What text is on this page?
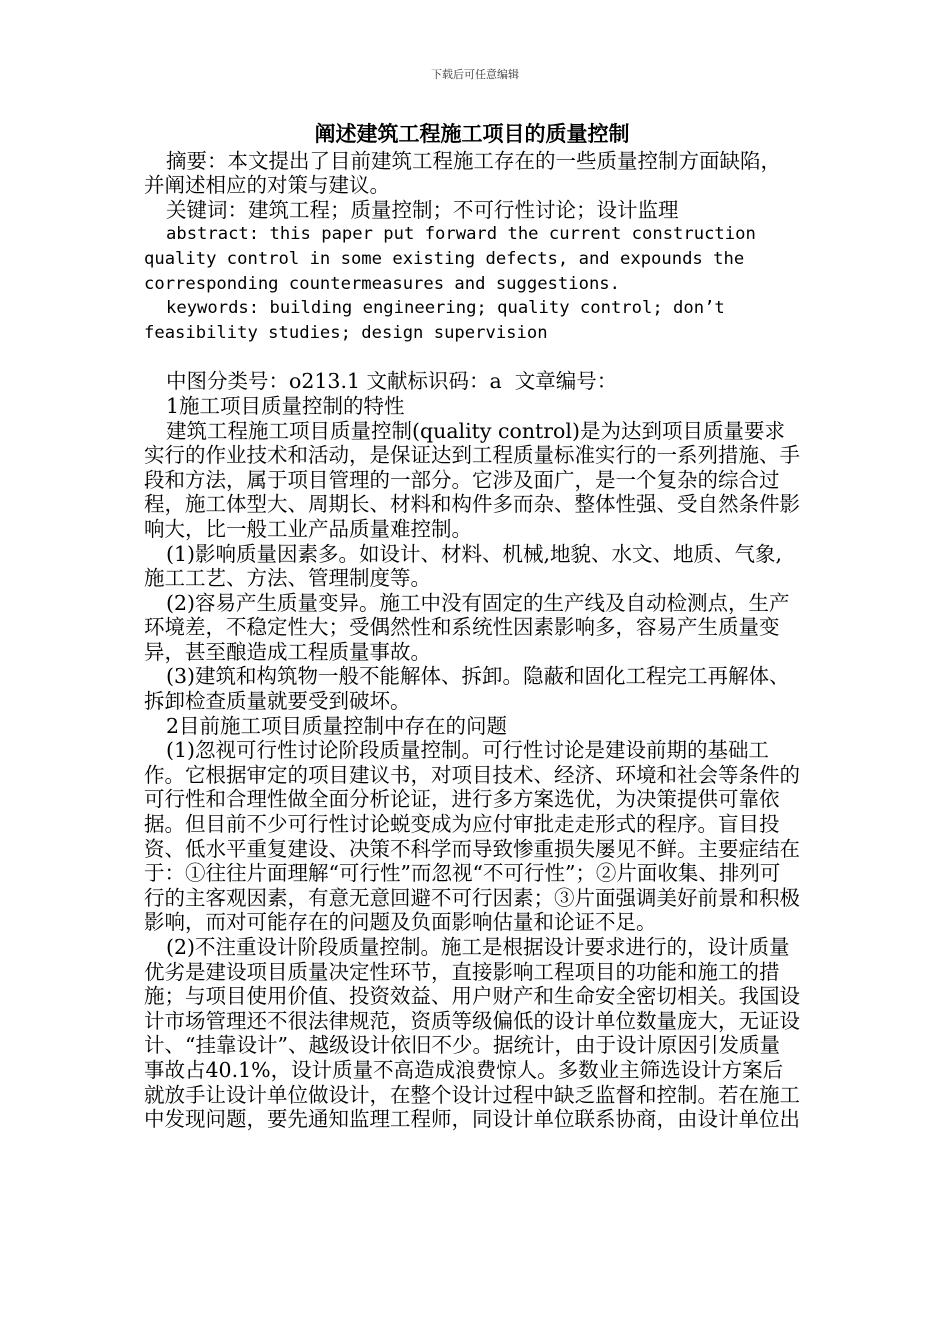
下载后可任意编辑
阐述建筑工程施工项目的质量控制

摘要：本文提出了目前建筑工程施工存在的一些质量控制方面缺陷，并阐述相应的对策与建议。

关键词：建筑工程；质量控制；不可行性讨论；设计监理

abstract: this paper put forward the current construction quality control in some existing defects, and expounds the corresponding countermeasures and suggestions.

keywords: building engineering; quality control; don’t feasibility studies; design supervision

中图分类号：o213.1 文献标识码：a  文章编号：

1施工项目质量控制的特性

建筑工程施工项目质量控制(quality control)是为达到项目质量要求实行的作业技术和活动，是保证达到工程质量标准实行的一系列措施、手段和方法，属于项目管理的一部分。它涉及面广，是一个复杂的综合过程，施工体型大、周期长、材料和构件多而杂、整体性强、受自然条件影响大，比一般工业产品质量难控制。

(1)影响质量因素多。如设计、材料、机械,地貌、水文、地质、气象,施工工艺、方法、管理制度等。

(2)容易产生质量变异。施工中没有固定的生产线及自动检测点，生产环境差，不稳定性大；受偶然性和系统性因素影响多，容易产生质量变异，甚至酿造成工程质量事故。

(3)建筑和构筑物一般不能解体、拆卸。隐蔽和固化工程完工再解体、拆卸检查质量就要受到破坏。

2目前施工项目质量控制中存在的问题

(1)忽视可行性讨论阶段质量控制。可行性讨论是建设前期的基础工作。它根据审定的项目建议书，对项目技术、经济、环境和社会等条件的可行性和合理性做全面分析论证，进行多方案选优，为决策提供可靠依据。但目前不少可行性讨论蜕变成为应付审批走走形式的程序。盲目投资、低水平重复建设、决策不科学而导致惨重损失屡见不鲜。主要症结在于：①往往片面理解“可行性”而忽视“不可行性”；②片面收集、排列可行的主客观因素，有意无意回避不可行因素；③片面强调美好前景和积极影响，而对可能存在的问题及负面影响估量和论证不足。

(2)不注重设计阶段质量控制。施工是根据设计要求进行的，设计质量优劣是建设项目质量决定性环节，直接影响工程项目的功能和施工的措施；与项目使用价值、投资效益、用户财产和生命安全密切相关。我国设计市场管理还不很法律规范，资质等级偏低的设计单位数量庞大，无证设计、“挂靠设计”、越级设计依旧不少。据统计，由于设计原因引发质量事故占40.1%，设计质量不高造成浪费惊人。多数业主筛选设计方案后就放手让设计单位做设计，在整个设计过程中缺乏监督和控制。若在施工中发现问题，要先通知监理工程师，同设计单位联系协商，由设计单位出
